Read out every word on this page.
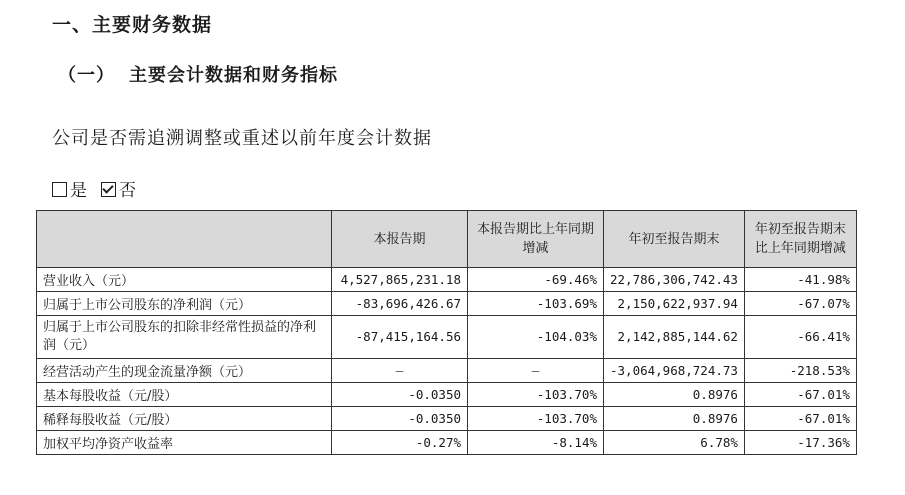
一、主要财务数据
（一） 主要会计数据和财务指标
公司是否需追溯调整或重述以前年度会计数据
是 否
	本报告期	本报告期比上年同期增减	年初至报告期末	年初至报告期末比上年同期增减
营业收入（元）	4,527,865,231.18	-69.46%	22,786,306,742.43	-41.98%
归属于上市公司股东的净利润（元）	-83,696,426.67	-103.69%	2,150,622,937.94	-67.07%
归属于上市公司股东的扣除非经常性损益的净利润（元）	-87,415,164.56	-104.03%	2,142,885,144.62	-66.41%
经营活动产生的现金流量净额（元）	—	—	-3,064,968,724.73	-218.53%
基本每股收益（元/股）	-0.0350	-103.70%	0.8976	-67.01%
稀释每股收益（元/股）	-0.0350	-103.70%	0.8976	-67.01%
加权平均净资产收益率	-0.27%	-8.14%	6.78%	-17.36%
